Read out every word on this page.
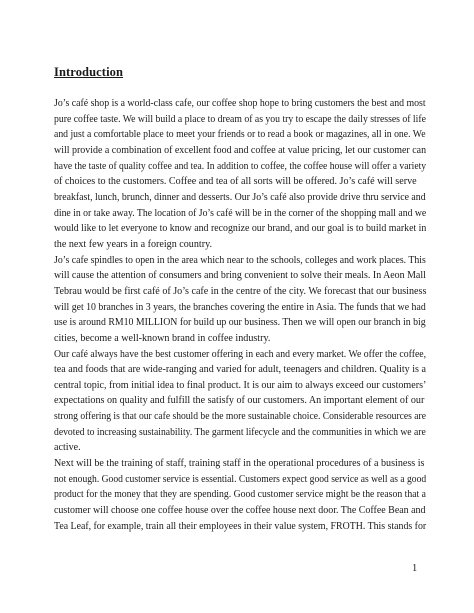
Introduction

Jo’s café shop is a world-class cafe, our coffee shop hope to bring customers the best and most

pure coffee taste. We will build a place to dream of as you try to escape the daily stresses of life

and just a comfortable place to meet your friends or to read a book or magazines, all in one. We

will provide a combination of excellent food and coffee at value pricing, let our customer can

have the taste of quality coffee and tea. In addition to coffee, the coffee house will offer a variety

of choices to the customers. Coffee and tea of all sorts will be offered. Jo’s café will serve

breakfast, lunch, brunch, dinner and desserts. Our Jo’s café also provide drive thru service and

dine in or take away. The location of Jo’s café will be in the corner of the shopping mall and we

would like to let everyone to know and recognize our brand, and our goal is to build market in

the next few years in a foreign country.

Jo’s cafe spindles to open in the area which near to the schools, colleges and work places. This

will cause the attention of consumers and bring convenient to solve their meals. In Aeon Mall

Tebrau would be first café of Jo’s cafe in the centre of the city. We forecast that our business

will get 10 branches in 3 years, the branches covering the entire in Asia. The funds that we had

use is around RM10 MILLION for build up our business. Then we will open our branch in big

cities, become a well-known brand in coffee industry.

Our café always have the best customer offering in each and every market. We offer the coffee,

tea and foods that are wide-ranging and varied for adult, teenagers and children. Quality is a

central topic, from initial idea to final product. It is our aim to always exceed our customers’

expectations on quality and fulfill the satisfy of our customers. An important element of our

strong offering is that our cafe should be the more sustainable choice. Considerable resources are

devoted to increasing sustainability. The garment lifecycle and the communities in which we are

active.

Next will be the training of staff, training staff in the operational procedures of a business is

not enough. Good customer service is essential. Customers expect good service as well as a good

product for the money that they are spending. Good customer service might be the reason that a

customer will choose one coffee house over the coffee house next door. The Coffee Bean and

Tea Leaf, for example, train all their employees in their value system, FROTH. This stands for

1
